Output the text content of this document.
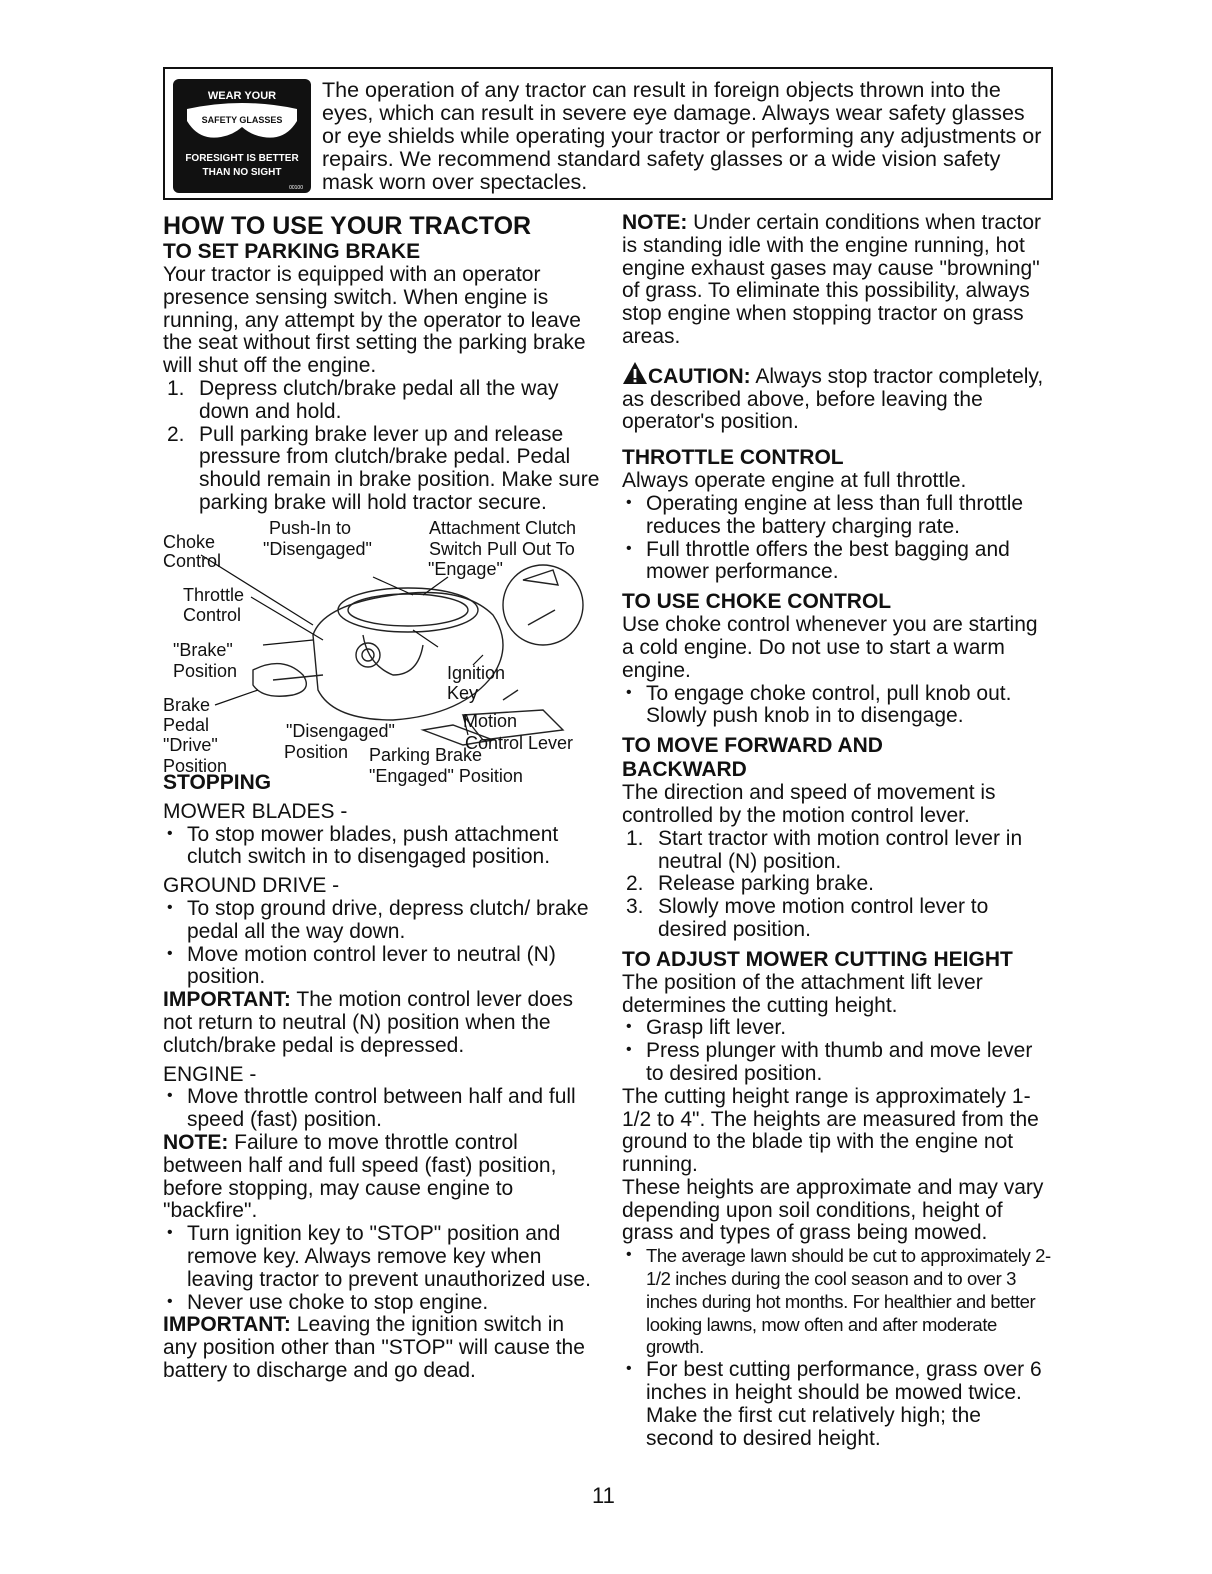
WEAR YOUR
SAFETY GLASSES
FORESIGHT IS BETTER
THAN NO SIGHT
00100
The operation of any tractor can result in foreign objects thrown into the eyes, which can result in severe eye damage. Always wear safety glasses or eye shields while operating your tractor or performing any adjustments or repairs. We recommend standard safety glasses or a wide vision safety mask worn over spectacles.
HOW TO USE YOUR TRACTOR
TO SET PARKING BRAKE

Your tractor is equipped with an operator presence sensing switch. When engine is running, any attempt by the operator to leave the seat without first setting the parking brake will shut off the engine.

1. Depress clutch/brake pedal all the way down and hold.
2. Pull parking brake lever up and release pressure from clutch/brake pedal. Pedal should remain in brake position. Make sure parking brake will hold tractor secure.
Choke
Control
Push-In to
"Disengaged"
Attachment Clutch
Switch Pull Out To
"Engage"
Throttle
Control
"Brake"
Position	Ignition
Key
Brake
Pedal	Motion
Control Lever
"Drive"
Position
"Disengaged"
Position Parking Brake
"Engaged" Position
STOPPING

MOWER BLADES -

• To stop mower blades, push attachment clutch switch in to disengaged position.

GROUND DRIVE -

• To stop ground drive, depress clutch/ brake pedal all the way down.
• Move motion control lever to neutral (N) position.

IMPORTANT: The motion control lever does not return to neutral (N) position when the clutch/brake pedal is depressed.

ENGINE -

• Move throttle control between half and full speed (fast) position.

NOTE: Failure to move throttle control between half and full speed (fast) position, before stopping, may cause engine to "backfire".

• Turn ignition key to "STOP" position and remove key. Always remove key when leaving tractor to prevent unauthorized use.
• Never use choke to stop engine.

IMPORTANT: Leaving the ignition switch in any position other than "STOP" will cause the battery to discharge and go dead.

NOTE: Under certain conditions when tractor is standing idle with the engine running, hot engine exhaust gases may cause "browning" of grass. To eliminate this possibility, always stop engine when stopping tractor on grass areas.

CAUTION: Always stop tractor completely, as described above, before leaving the operator's position.

THROTTLE CONTROL

Always operate engine at full throttle.

• Operating engine at less than full throttle reduces the battery charging rate.
• Full throttle offers the best bagging and mower performance.
TO USE CHOKE CONTROL

Use choke control whenever you are starting a cold engine. Do not use to start a warm engine.

• To engage choke control, pull knob out. Slowly push knob in to disengage.
TO MOVE FORWARD AND
BACKWARD

The direction and speed of movement is controlled by the motion control lever.

1. Start tractor with motion control lever in neutral (N) position.
2. Release parking brake.
3. Slowly move motion control lever to desired position.
TO ADJUST MOWER CUTTING HEIGHT

The position of the attachment lift lever determines the cutting height.

• Grasp lift lever.
• Press plunger with thumb and move lever to desired position.

The cutting height range is approximately 1-1/2 to 4". The heights are measured from the ground to the blade tip with the engine not running.

These heights are approximate and may vary depending upon soil conditions, height of grass and types of grass being mowed.

• The average lawn should be cut to approximately 2-1/2 inches during the cool season and to over 3 inches during hot months. For healthier and better looking lawns, mow often and after moderate growth.
• For best cutting performance, grass over 6 inches in height should be mowed twice. Make the first cut relatively high; the second to desired height.
11
